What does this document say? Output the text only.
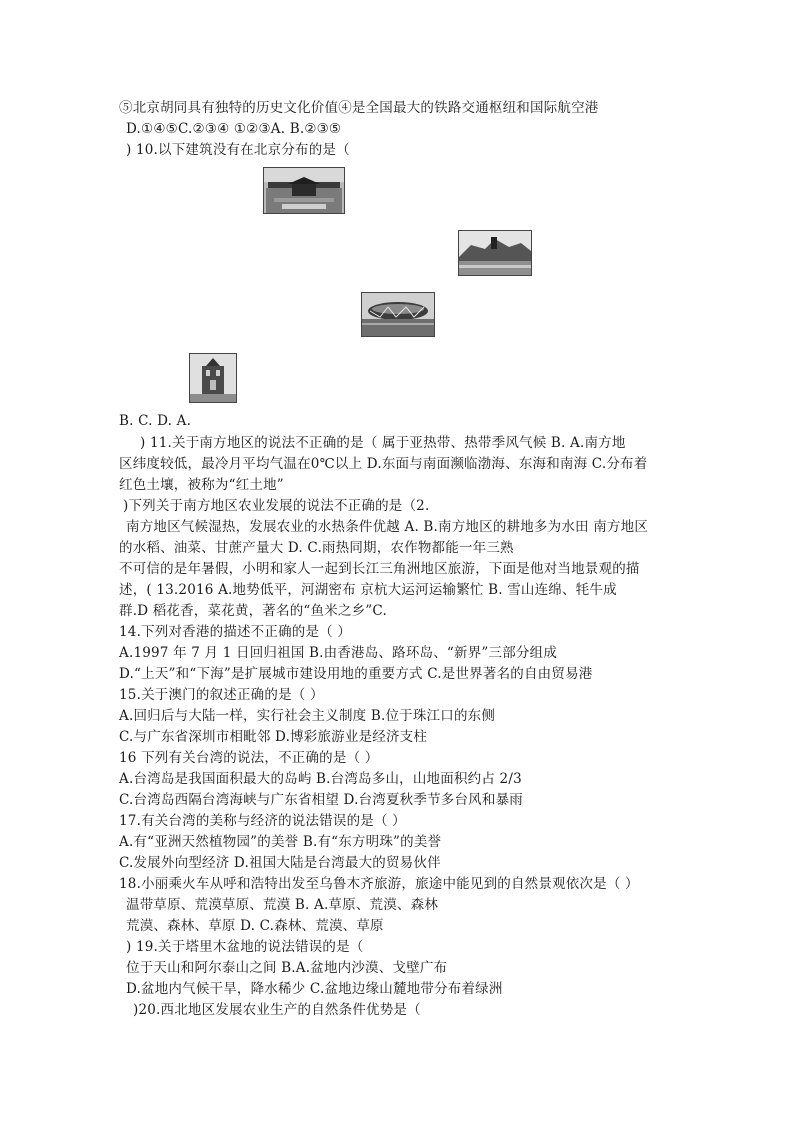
⑤北京胡同具有独特的历史文化价值④是全国最大的铁路交通枢纽和国际航空港
D.①④⑤C.②③④ ①②③A. B.②③⑤
) 10.以下建筑没有在北京分布的是（
B. C. D. A.
) 11.关于南方地区的说法不正确的是（ 属于亚热带、热带季风气候 B. A.南方地
区纬度较低，最冷月平均气温在0℃以上 D.东面与南面濒临渤海、东海和南海 C.分布着
红色土壤，被称为“红土地”
)下列关于南方地区农业发展的说法不正确的是（2.
南方地区气候湿热，发展农业的水热条件优越 A. B.南方地区的耕地多为水田 南方地区
的水稻、油菜、甘蔗产量大 D. C.雨热同期，农作物都能一年三熟
不可信的是年暑假，小明和家人一起到长江三角洲地区旅游，下面是他对当地景观的描
述，( 13.2016 A.地势低平，河湖密布 京杭大运河运输繁忙 B. 雪山连绵、牦牛成
群.D 稻花香，菜花黄，著名的“鱼米之乡”C.
14.下列对香港的描述不正确的是（ ）
A.1997 年 7 月 1 日回归祖国 B.由香港岛、路环岛、“新界”三部分组成
D.“上天”和“下海”是扩展城市建设用地的重要方式 C.是世界著名的自由贸易港
15.关于澳门的叙述正确的是（ ）
A.回归后与大陆一样，实行社会主义制度 B.位于珠江口的东侧
C.与广东省深圳市相毗邻 D.博彩旅游业是经济支柱
16 下列有关台湾的说法，不正确的是（ ）
A.台湾岛是我国面积最大的岛屿 B.台湾岛多山，山地面积约占 2/3
C.台湾岛西隔台湾海峡与广东省相望 D.台湾夏秋季节多台风和暴雨
17.有关台湾的美称与经济的说法错误的是（ ）
A.有“亚洲天然植物园”的美誉 B.有“东方明珠”的美誉
C.发展外向型经济 D.祖国大陆是台湾最大的贸易伙伴
18.小丽乘火车从呼和浩特出发至乌鲁木齐旅游，旅途中能见到的自然景观依次是（ ）
温带草原、荒漠草原、荒漠 B. A.草原、荒漠、森林
荒漠、森林、草原 D. C.森林、荒漠、草原
) 19.关于塔里木盆地的说法错误的是（
位于天山和阿尔泰山之间 B.A.盆地内沙漠、戈壁广布
D.盆地内气候干旱，降水稀少 C.盆地边缘山麓地带分布着绿洲
)20.西北地区发展农业生产的自然条件优势是（
